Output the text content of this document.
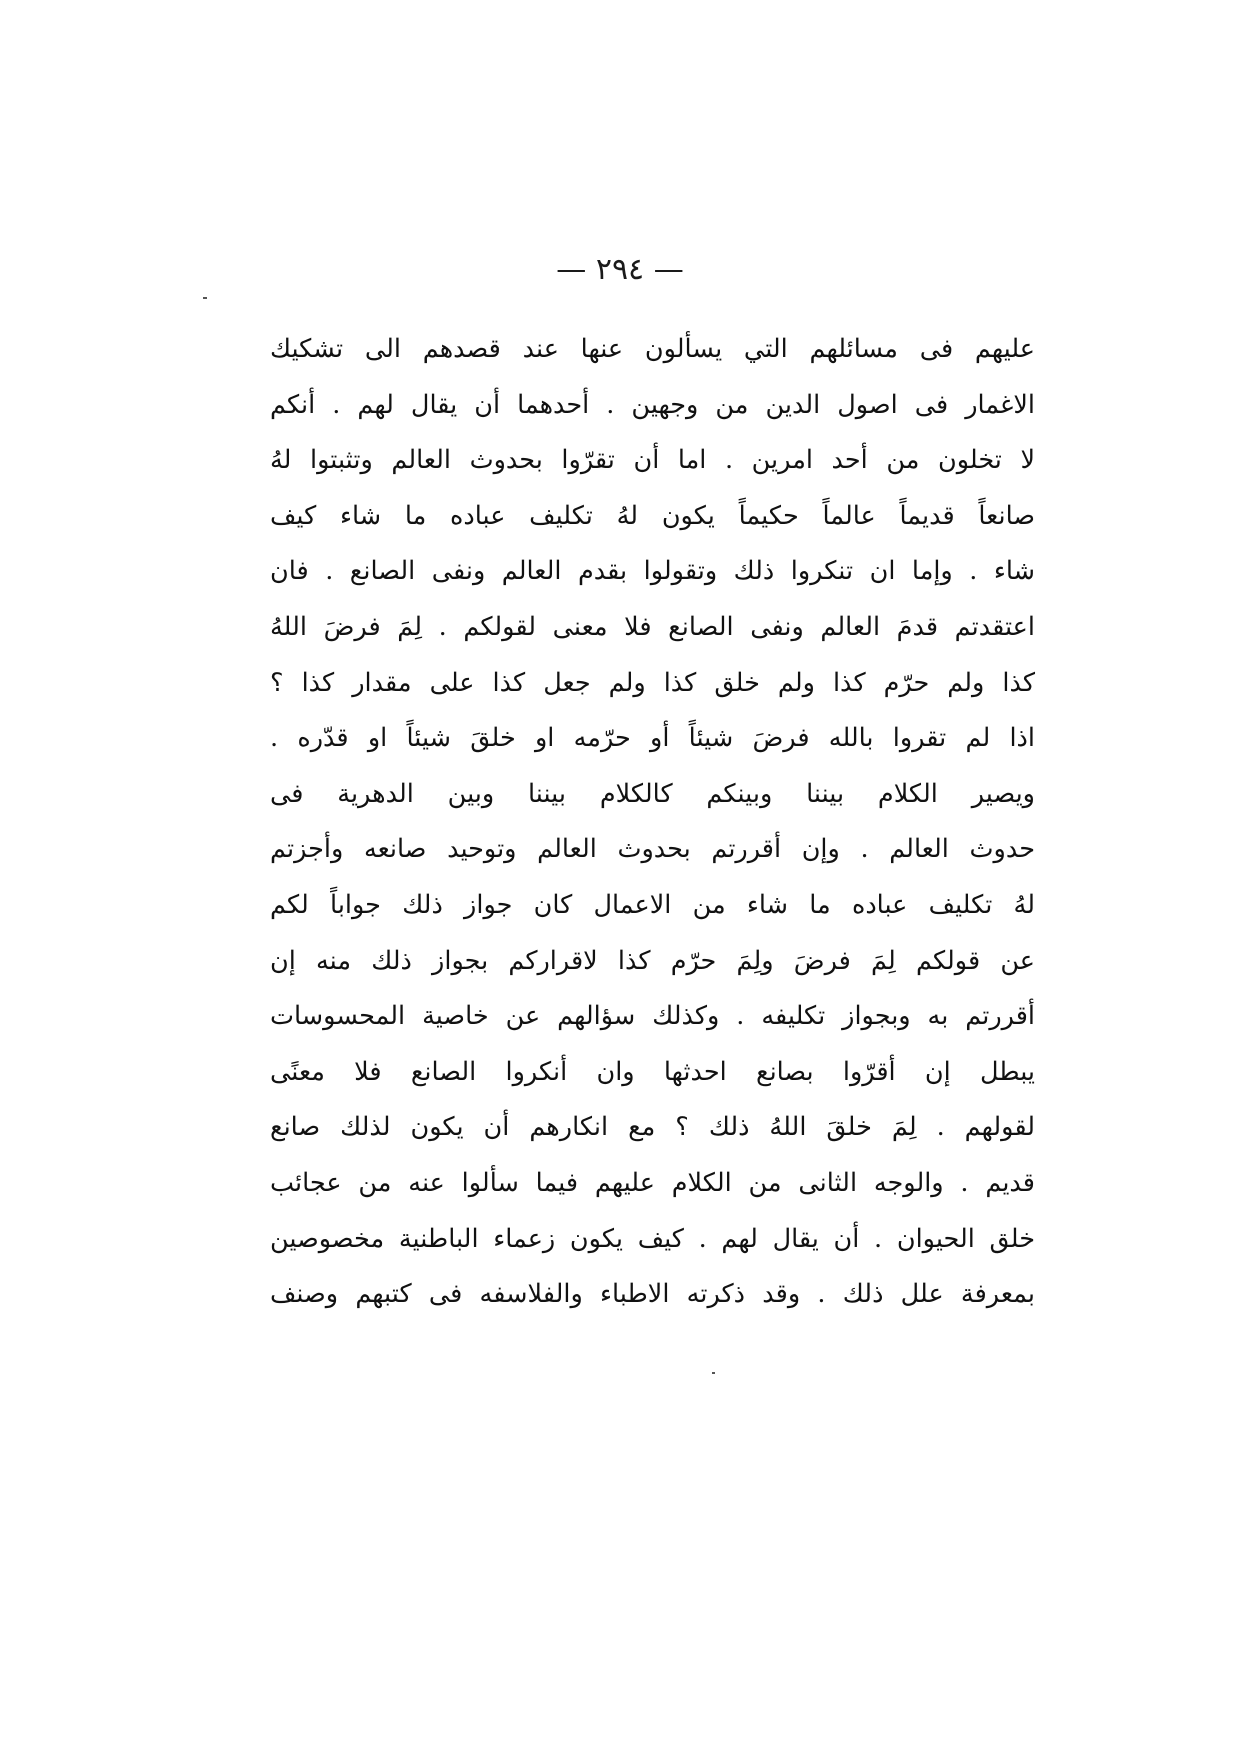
— ٢٩٤ —
عليهم فى مسائلهم التي يسألون عنها عند قصدهم الى تشكيك
الاغمار فى اصول الدين من وجهين . أحدهما أن يقال لهم . أنكم
لا تخلون من أحد امرين . اما أن تقرّوا بحدوث العالم وتثبتوا لهُ
صانعاً قديماً عالماً حكيماً يكون لهُ تكليف عباده ما شاء كيف
شاء . وإما ان تنكروا ذلك وتقولوا بقدم العالم ونفى الصانع . فان
اعتقدتم قدمَ العالم ونفى الصانع فلا معنى لقولكم . لِمَ فرضَ اللهُ
كذا ولم حرّم كذا ولم خلق كذا ولم جعل كذا على مقدار كذا ؟
اذا لم تقروا بالله فرضَ شيئاً أو حرّمه او خلقَ شيئاً او قدّره .
ويصير الكلام بيننا وبينكم كالكلام بيننا وبين الدهرية فى
حدوث العالم . وإن أقررتم بحدوث العالم وتوحيد صانعه وأجزتم
لهُ تكليف عباده ما شاء من الاعمال كان جواز ذلك جواباً لكم
عن قولكم لِمَ فرضَ ولِمَ حرّم كذا لاقراركم بجواز ذلك منه إن
أقررتم به وبجواز تكليفه . وكذلك سؤالهم عن خاصية المحسوسات
يبطل إن أقرّوا بصانع احدثها وان أنكروا الصانع فلا معنًى
لقولهم . لِمَ خلقَ اللهُ ذلك ؟ مع انكارهم أن يكون لذلك صانع
قديم . والوجه الثانى من الكلام عليهم فيما سألوا عنه من عجائب
خلق الحيوان . أن يقال لهم . كيف يكون زعماء الباطنية مخصوصين
بمعرفة علل ذلك . وقد ذكرته الاطباء والفلاسفه فى كتبهم وصنف
